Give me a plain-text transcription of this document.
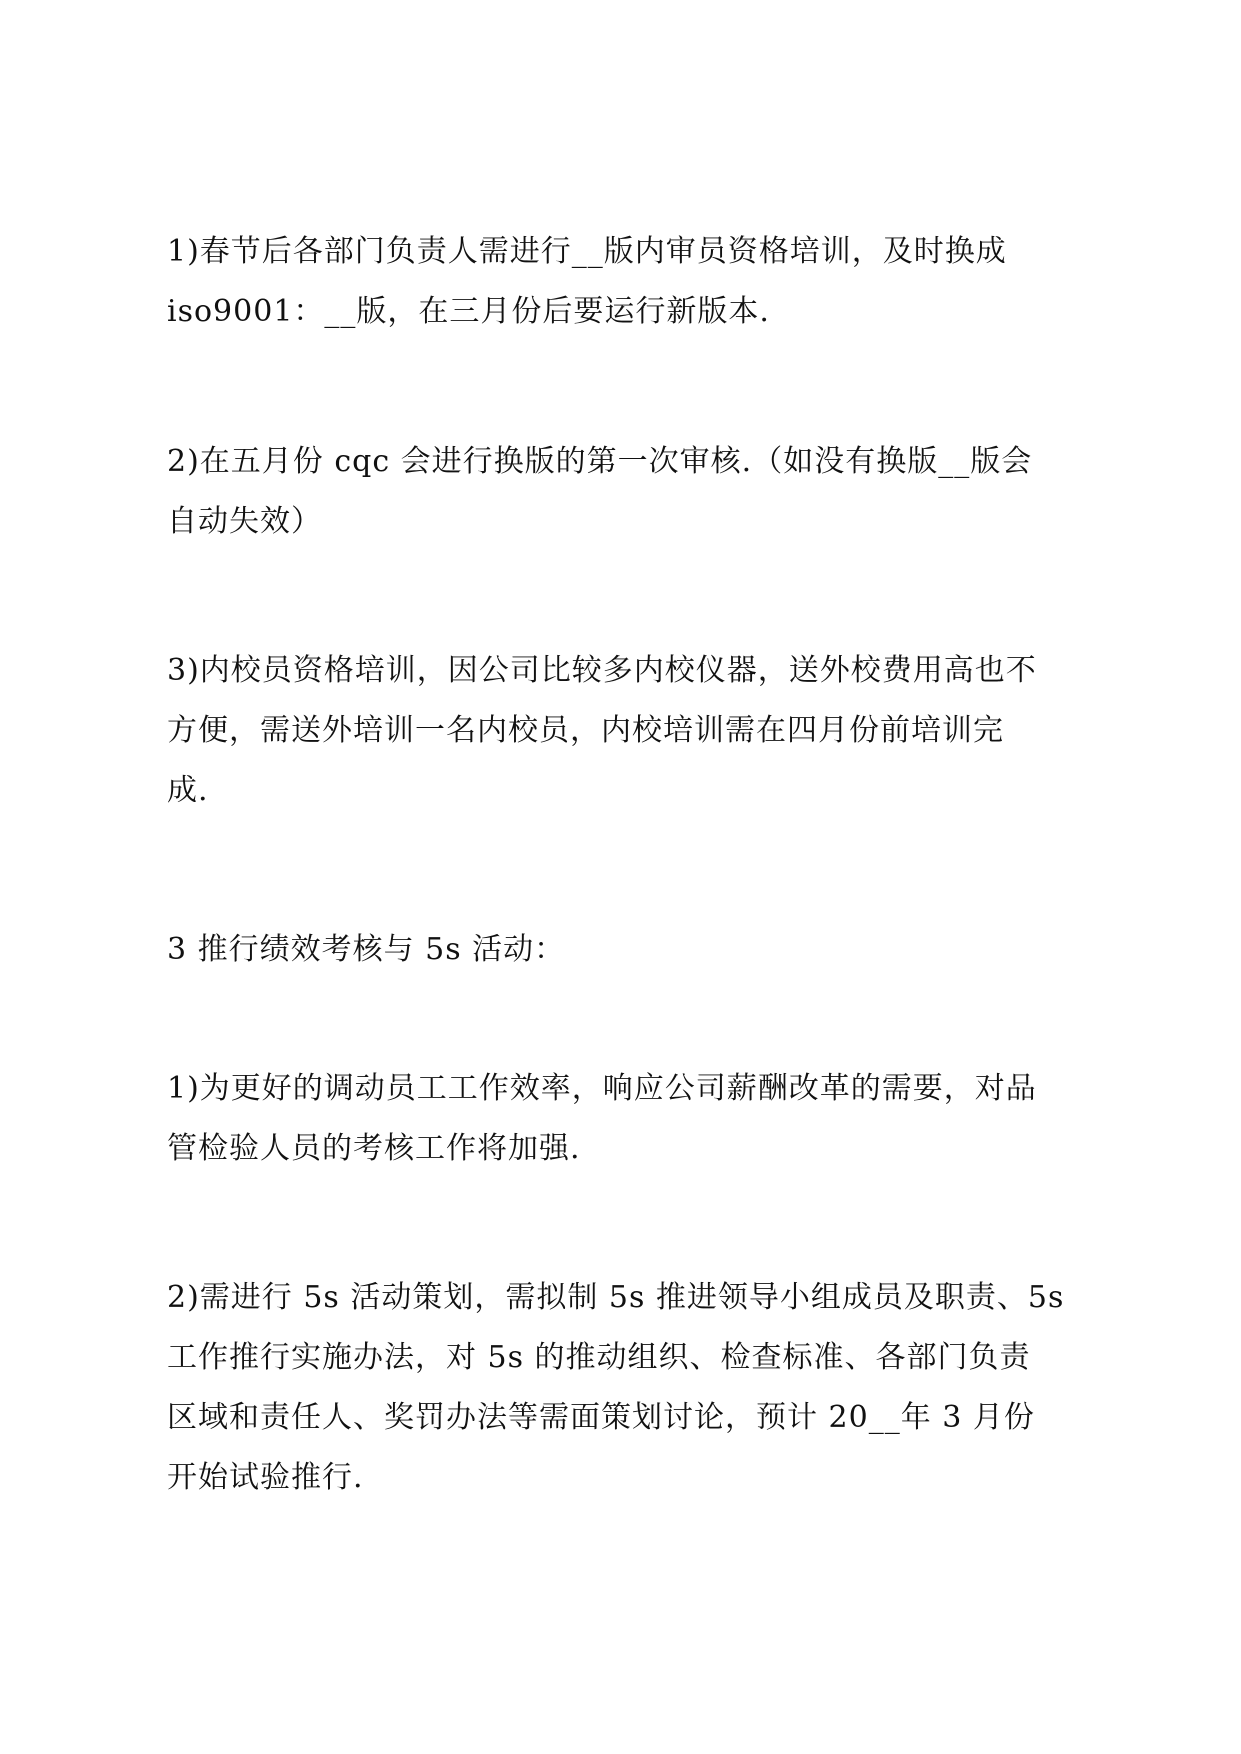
1)春节后各部门负责人需进行__版内审员资格培训，及时换成
iso9001：__版，在三月份后要运行新版本.
2)在五月份 cqc 会进行换版的第一次审核.（如没有换版__版会
自动失效）
3)内校员资格培训，因公司比较多内校仪器，送外校费用高也不
方便，需送外培训一名内校员，内校培训需在四月份前培训完
成.
3 推行绩效考核与 5s 活动：
1)为更好的调动员工工作效率，响应公司薪酬改革的需要，对品
管检验人员的考核工作将加强.
2)需进行 5s 活动策划，需拟制 5s 推进领导小组成员及职责、5s
工作推行实施办法，对 5s 的推动组织、检查标准、各部门负责
区域和责任人、奖罚办法等需面策划讨论，预计 20__年 3 月份
开始试验推行.
